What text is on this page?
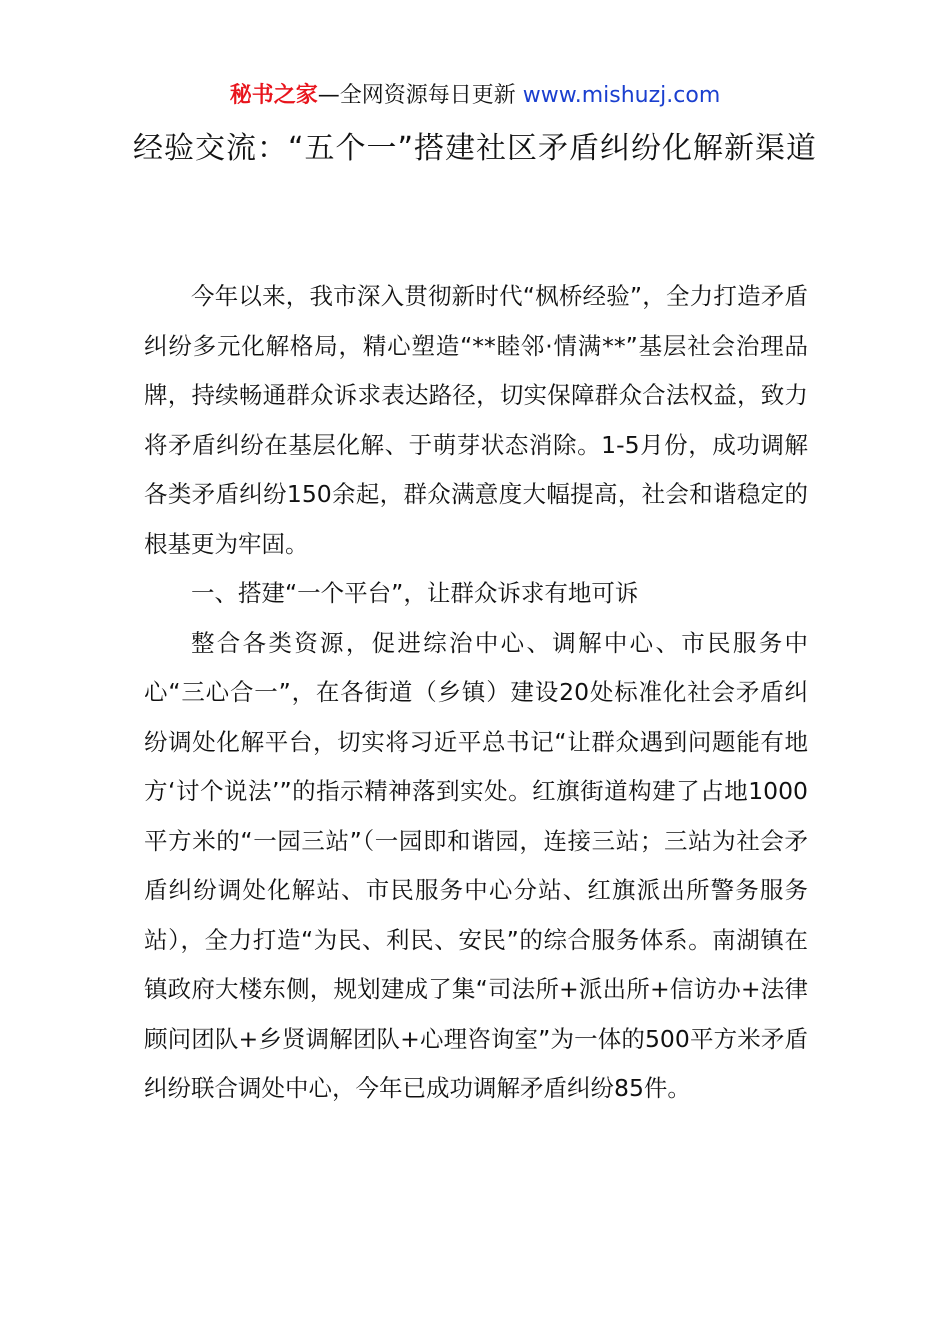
秘书之家—全网资源每日更新 www.mishuzj.com
经验交流：“五个一”搭建社区矛盾纠纷化解新渠道

今年以来，我市深入贯彻新时代“枫桥经验”，全力打造矛盾纠纷多元化解格局，精心塑造“**睦邻·情满**”基层社会治理品牌，持续畅通群众诉求表达路径，切实保障群众合法权益，致力将矛盾纠纷在基层化解、于萌芽状态消除。1-5月份，成功调解各类矛盾纠纷150余起，群众满意度大幅提高，社会和谐稳定的根基更为牢固。

一、搭建“一个平台”，让群众诉求有地可诉

整合各类资源，促进综治中心、调解中心、市民服务中心“三心合一”，在各街道（乡镇）建设20处标准化社会矛盾纠纷调处化解平台，切实将习近平总书记“让群众遇到问题能有地方‘讨个说法’”的指示精神落到实处。红旗街道构建了占地1000平方米的“一园三站”（一园即和谐园，连接三站；三站为社会矛盾纠纷调处化解站、市民服务中心分站、红旗派出所警务服务站），全力打造“为民、利民、安民”的综合服务体系。南湖镇在镇政府大楼东侧，规划建成了集“司法所+派出所+信访办+法律顾问团队+乡贤调解团队+心理咨询室”为一体的500平方米矛盾纠纷联合调处中心，今年已成功调解矛盾纠纷85件。
